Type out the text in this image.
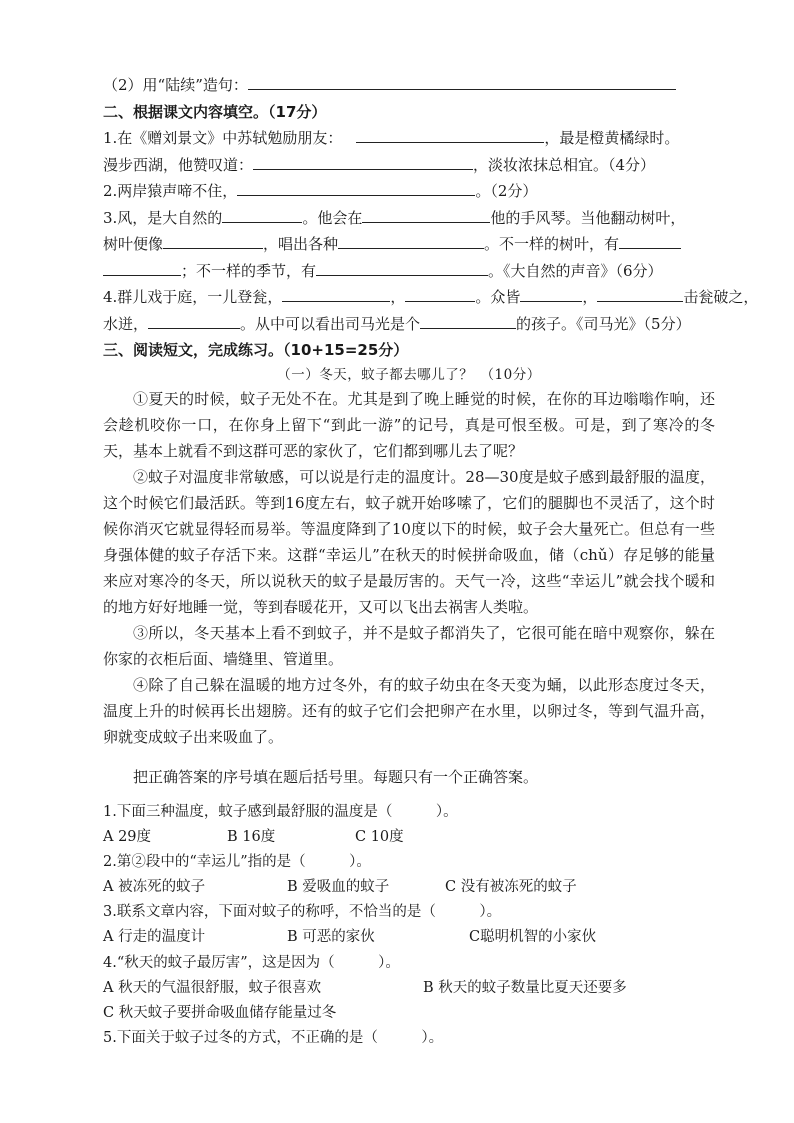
（2）用“陆续”造句：
二、根据课文内容填空。（17分）
1.在《赠刘景文》中苏轼勉励朋友：	，最是橙黄橘绿时。
漫步西湖，他赞叹道：	，淡妆浓抹总相宜。（4分）
2.两岸猿声啼不住，	。（2分）
3.风，是大自然的	。他会在	他的手风琴。当他翻动树叶，
树叶便像	，唱出各种	。不一样的树叶，有
；不一样的季节，有	。《大自然的声音》（6分）
4.群儿戏于庭，一儿登瓮，	，	。众皆	，	击瓮破之，
水迸，	。从中可以看出司马光是个	的孩子。《司马光》（5分）
三、阅读短文，完成练习。（10+15=25分）
（一）冬天，蚊子都去哪儿了？　（10分）

①夏天的时候，蚊子无处不在。尤其是到了晚上睡觉的时候，在你的耳边嗡嗡作响，还会趁机咬你一口，在你身上留下“到此一游”的记号，真是可恨至极。可是，到了寒冷的冬天，基本上就看不到这群可恶的家伙了，它们都到哪儿去了呢？

②蚊子对温度非常敏感，可以说是行走的温度计。28—30度是蚊子感到最舒服的温度，这个时候它们最活跃。等到16度左右，蚊子就开始哆嗦了，它们的腿脚也不灵活了，这个时候你消灭它就显得轻而易举。等温度降到了10度以下的时候，蚊子会大量死亡。但总有一些身强体健的蚊子存活下来。这群“幸运儿”在秋天的时候拼命吸血，储（chǔ）存足够的能量来应对寒冷的冬天，所以说秋天的蚊子是最厉害的。天气一冷，这些“幸运儿”就会找个暖和的地方好好地睡一觉，等到春暖花开，又可以飞出去祸害人类啦。

③所以，冬天基本上看不到蚊子，并不是蚊子都消失了，它很可能在暗中观察你，躲在你家的衣柜后面、墙缝里、管道里。

④除了自己躲在温暖的地方过冬外，有的蚊子幼虫在冬天变为蛹，以此形态度过冬天，温度上升的时候再长出翅膀。还有的蚊子它们会把卵产在水里，以卵过冬，等到气温升高，卵就变成蚊子出来吸血了。

把正确答案的序号填在题后括号里。每题只有一个正确答案。
1.下面三种温度，蚊子感到最舒服的温度是（　　　）。
A 29度	B 16度	C 10度
2.第②段中的“幸运儿”指的是（　　　）。
A 被冻死的蚊子	B 爱吸血的蚊子	C 没有被冻死的蚊子
3.联系文章内容，下面对蚊子的称呼，不恰当的是（　　　）。
A 行走的温度计	B 可恶的家伙	C聪明机智的小家伙
4.“秋天的蚊子最厉害”，这是因为（　　　）。
A 秋天的气温很舒服，蚊子很喜欢	B 秋天的蚊子数量比夏天还要多
C 秋天蚊子要拼命吸血储存能量过冬
5.下面关于蚊子过冬的方式，不正确的是（　　　）。
